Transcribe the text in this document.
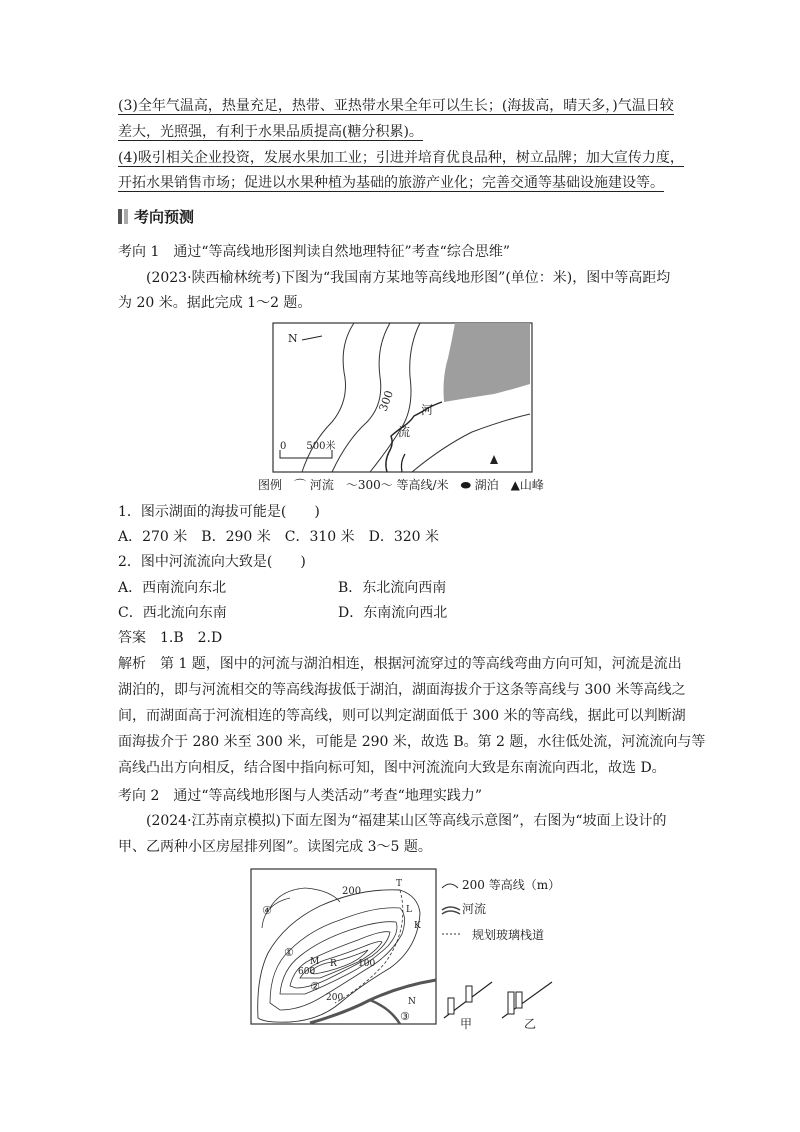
(3)全年气温高，热量充足，热带、亚热带水果全年可以生长；(海拔高，晴天多，)气温日较
差大，光照强，有利于水果品质提高(糖分积累)。
(4)吸引相关企业投资，发展水果加工业；引进并培育优良品种，树立品牌；加大宣传力度，
开拓水果销售市场；促进以水果种植为基础的旅游产业化；完善交通等基础设施建设等。
考向预测
考向 1　通过“等高线地形图判读自然地理特征”考查“综合思维”
(2023·陕西榆林统考)下图为“我国南方某地等高线地形图”(单位：米)，图中等高距均
为 20 米。据此完成 1～2 题。
N
300 河
流
0　　500米
图例　⌒ 河流　～300～ 等高线/米　⬬ 湖泊　▲山峰
1．图示湖面的海拔可能是(　　)
A．270 米　B．290 米　C．310 米　D．320 米
2．图中河流流向大致是(　　)
A．西南流向东北	B．东北流向西南
C．西北流向东南	D．东南流向西北
答案　1.B　2.D
解析　第 1 题，图中的河流与湖泊相连，根据河流穿过的等高线弯曲方向可知，河流是流出
湖泊的，即与河流相交的等高线海拔低于湖泊，湖面海拔介于这条等高线与 300 米等高线之
间，而湖面高于河流相连的等高线，则可以判定湖面低于 300 米的等高线，据此可以判断湖
面海拔介于 280 米至 300 米，可能是 290 米，故选 B。第 2 题，水往低处流，河流流向与等
高线凸出方向相反，结合图中指向标可知，图中河流流向大致是东南流向西北，故选 D。
考向 2　通过“等高线地形图与人类活动”考查“地理实践力”
(2024·江苏南京模拟)下面左图为“福建某山区等高线示意图”，右图为“坡面上设计的
甲、乙两种小区房屋排列图”。读图完成 3～5 题。
200
100
600
200
M R
T
L
K
N
④
①
②
③
200 等高线（m）
河流
规划玻璃栈道
甲	乙
